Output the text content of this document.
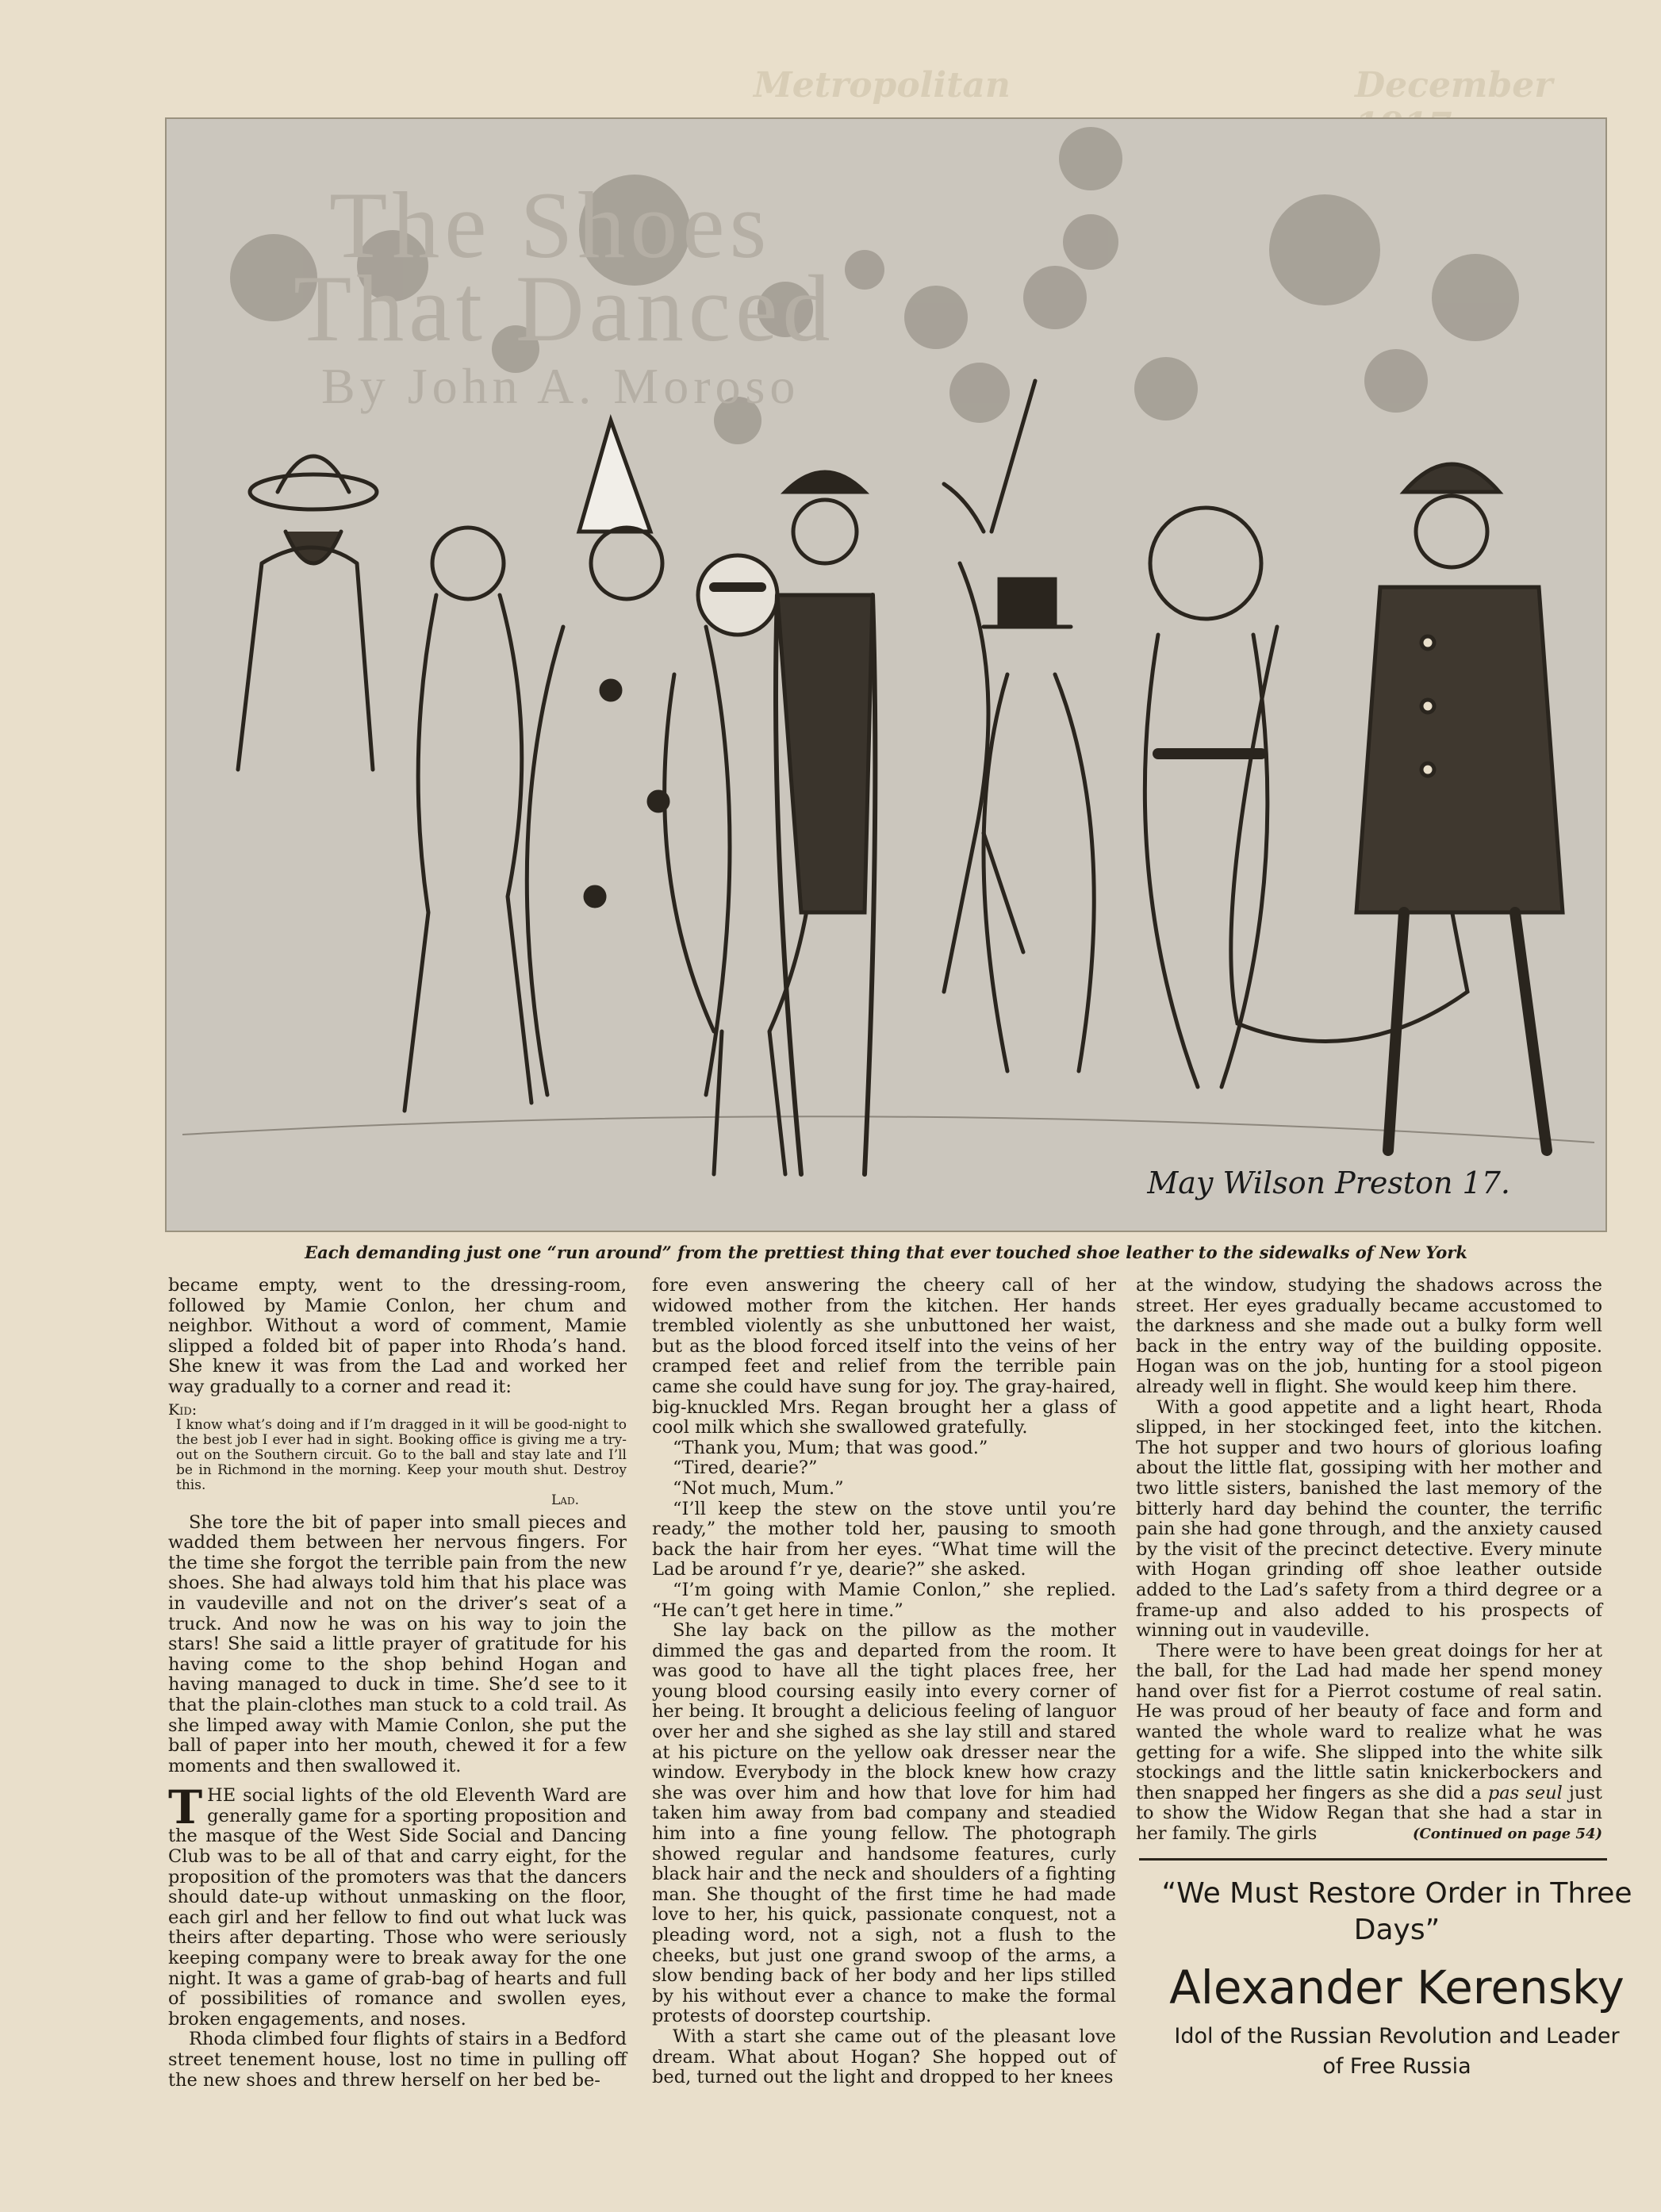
Metropolitan	December
The Shoes
That Danced
By John A. Moroso
May Wilson Preston 17.
Each demanding just one “run around” from the prettiest thing that ever touched shoe leather to the sidewalks of New York

became empty, went to the dressing-room, followed by Mamie Conlon, her chum and neighbor. Without a word of comment, Mamie slipped a folded bit of paper into Rhoda’s hand. She knew it was from the Lad and worked her way gradually to a corner and read it:

Kid:
I know what’s doing and if I’m dragged in it will be good-night to the best job I ever had in sight. Booking office is giving me a try-out on the Southern circuit. Go to the ball and stay late and I’ll be in Richmond in the morning. Keep your mouth shut. Destroy this.
Lad.

She tore the bit of paper into small pieces and wadded them between her nervous fingers. For the time she forgot the terrible pain from the new shoes. She had always told him that his place was in vaudeville and not on the driver’s seat of a truck. And now he was on his way to join the stars! She said a little prayer of gratitude for his having come to the shop behind Hogan and having managed to duck in time. She’d see to it that the plain-clothes man stuck to a cold trail. As she limped away with Mamie Conlon, she put the ball of paper into her mouth, chewed it for a few moments and then swallowed it.

THE social lights of the old Eleventh Ward are generally game for a sporting proposition and the masque of the West Side Social and Dancing Club was to be all of that and carry eight, for the proposition of the promoters was that the dancers should date-up without unmasking on the floor, each girl and her fellow to find out what luck was theirs after departing. Those who were seriously keeping company were to break away for the one night. It was a game of grab-bag of hearts and full of possibilities of romance and swollen eyes, broken engagements, and noses.

Rhoda climbed four flights of stairs in a Bedford street tenement house, lost no time in pulling off the new shoes and threw herself on her bed be-

fore even answering the cheery call of her widowed mother from the kitchen. Her hands trembled violently as she unbuttoned her waist, but as the blood forced itself into the veins of her cramped feet and relief from the terrible pain came she could have sung for joy. The gray-haired, big-knuckled Mrs. Regan brought her a glass of cool milk which she swallowed gratefully.

“Thank you, Mum; that was good.”

“Tired, dearie?”

“Not much, Mum.”

“I’ll keep the stew on the stove until you’re ready,” the mother told her, pausing to smooth back the hair from her eyes. “What time will the Lad be around f’r ye, dearie?” she asked.

“I’m going with Mamie Conlon,” she replied. “He can’t get here in time.”

She lay back on the pillow as the mother dimmed the gas and departed from the room. It was good to have all the tight places free, her young blood coursing easily into every corner of her being. It brought a delicious feeling of languor over her and she sighed as she lay still and stared at his picture on the yellow oak dresser near the window. Everybody in the block knew how crazy she was over him and how that love for him had taken him away from bad company and steadied him into a fine young fellow. The photograph showed regular and handsome features, curly black hair and the neck and shoulders of a fighting man. She thought of the first time he had made love to her, his quick, passionate conquest, not a pleading word, not a sigh, not a flush to the cheeks, but just one grand swoop of the arms, a slow bending back of her body and her lips stilled by his without ever a chance to make the formal protests of doorstep courtship.

With a start she came out of the pleasant love dream. What about Hogan? She hopped out of bed, turned out the light and dropped to her knees

at the window, studying the shadows across the street. Her eyes gradually became accustomed to the darkness and she made out a bulky form well back in the entry way of the building opposite. Hogan was on the job, hunting for a stool pigeon already well in flight. She would keep him there.

With a good appetite and a light heart, Rhoda slipped, in her stockinged feet, into the kitchen. The hot supper and two hours of glorious loafing about the little flat, gossiping with her mother and two little sisters, banished the last memory of the bitterly hard day behind the counter, the terrific pain she had gone through, and the anxiety caused by the visit of the precinct detective. Every minute with Hogan grinding off shoe leather outside added to the Lad’s safety from a third degree or a frame-up and also added to his prospects of winning out in vaudeville.

There were to have been great doings for her at the ball, for the Lad had made her spend money hand over fist for a Pierrot costume of real satin. He was proud of her beauty of face and form and wanted the whole ward to realize what he was getting for a wife. She slipped into the white silk stockings and the little satin knickerbockers and then snapped her fingers as she did a pas seul just to show the Widow Regan that she had a star in her family. The girls	(Continued on page 54)

“We Must Restore Order in Three Days”
Alexander Kerensky
Idol of the Russian Revolution and Leader
of Free Russia
